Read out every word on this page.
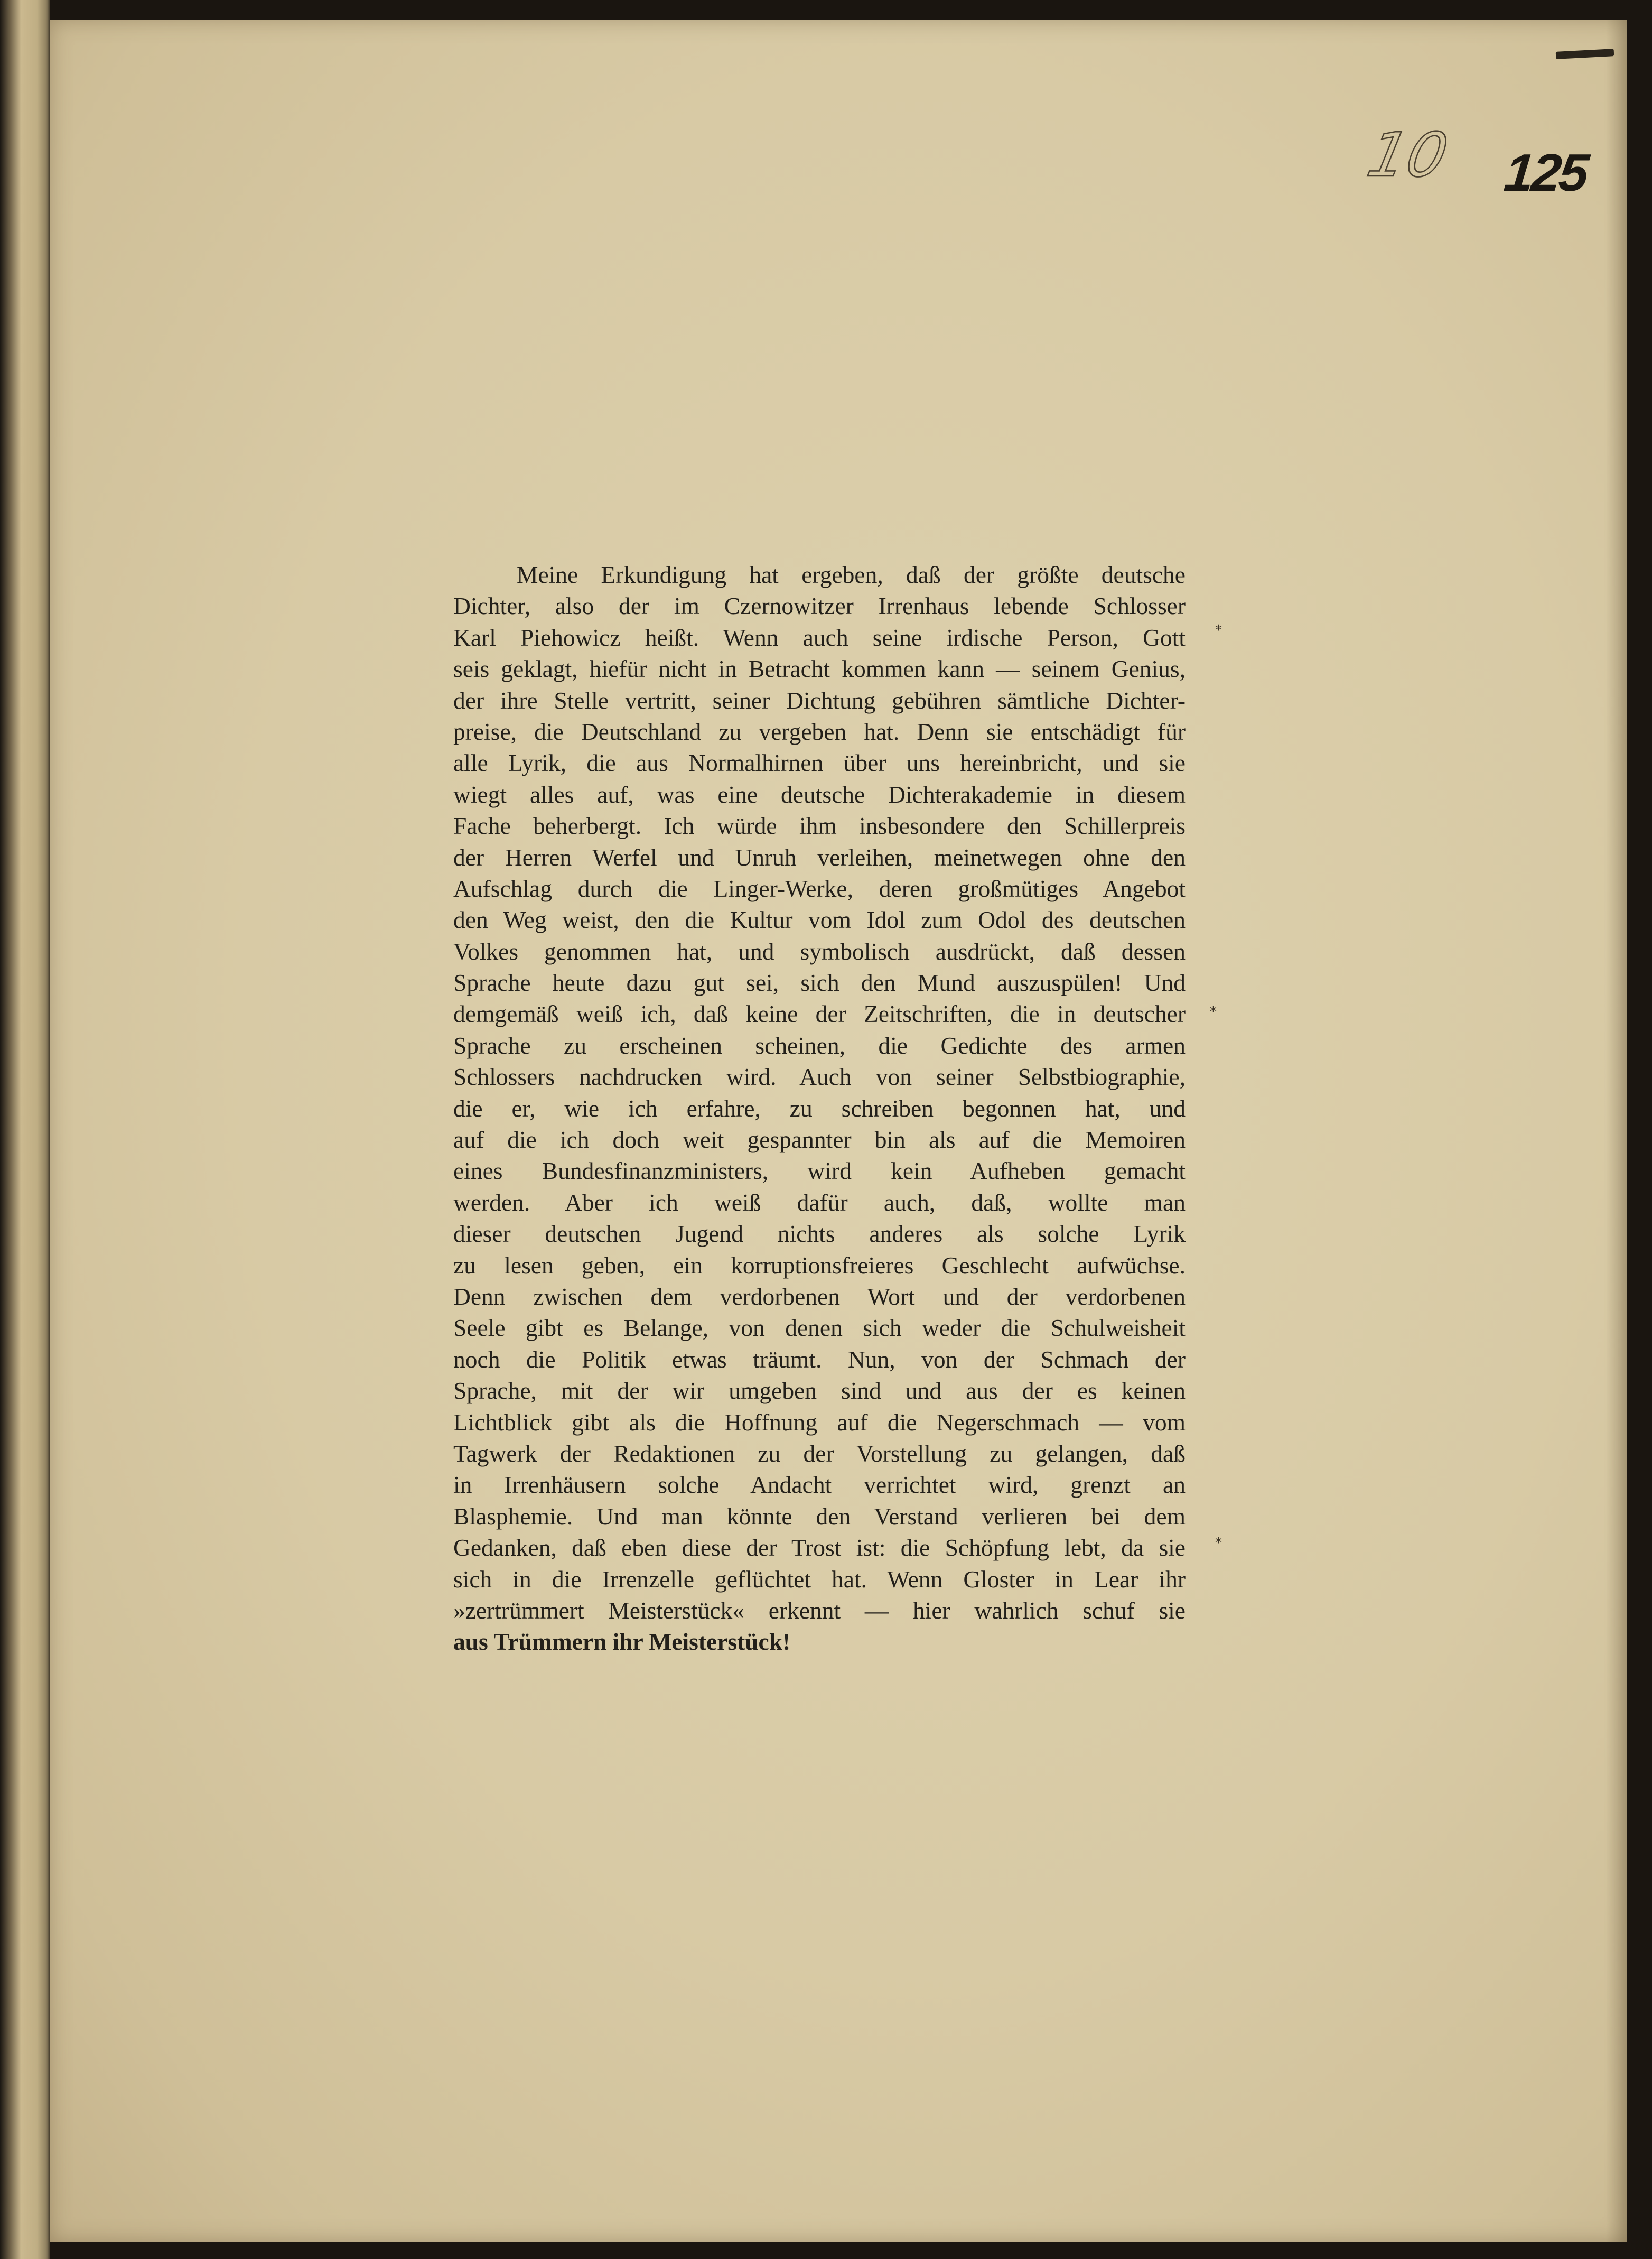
10 125
Meine Erkundigung hat ergeben, daß der größte deutsche
Dichter, also der im Czernowitzer Irrenhaus lebende Schlosser
Karl Piehowicz heißt. Wenn auch seine irdische Person, Gott
seis geklagt, hiefür nicht in Betracht kommen kann — seinem Genius,
der ihre Stelle vertritt, seiner Dichtung gebühren sämtliche Dichter-
preise, die Deutschland zu vergeben hat. Denn sie entschädigt für
alle Lyrik, die aus Normalhirnen über uns hereinbricht, und sie
wiegt alles auf, was eine deutsche Dichterakademie in diesem
Fache beherbergt. Ich würde ihm insbesondere den Schillerpreis
der Herren Werfel und Unruh verleihen, meinetwegen ohne den
Aufschlag durch die Linger-Werke, deren großmütiges Angebot
den Weg weist, den die Kultur vom Idol zum Odol des deutschen
Volkes genommen hat, und symbolisch ausdrückt, daß dessen
Sprache heute dazu gut sei, sich den Mund auszuspülen! Und
demgemäß weiß ich, daß keine der Zeitschriften, die in deutscher
Sprache zu erscheinen scheinen, die Gedichte des armen
Schlossers nachdrucken wird. Auch von seiner Selbstbiographie,
die er, wie ich erfahre, zu schreiben begonnen hat, und
auf die ich doch weit gespannter bin als auf die Memoiren
eines Bundesfinanzministers, wird kein Aufheben gemacht
werden. Aber ich weiß dafür auch, daß, wollte man
dieser deutschen Jugend nichts anderes als solche Lyrik
zu lesen geben, ein korruptionsfreieres Geschlecht aufwüchse.
Denn zwischen dem verdorbenen Wort und der verdorbenen
Seele gibt es Belange, von denen sich weder die Schulweisheit
noch die Politik etwas träumt. Nun, von der Schmach der
Sprache, mit der wir umgeben sind und aus der es keinen
Lichtblick gibt als die Hoffnung auf die Negerschmach — vom
Tagwerk der Redaktionen zu der Vorstellung zu gelangen, daß
in Irrenhäusern solche Andacht verrichtet wird, grenzt an
Blasphemie. Und man könnte den Verstand verlieren bei dem
Gedanken, daß eben diese der Trost ist: die Schöpfung lebt, da sie
sich in die Irrenzelle geflüchtet hat. Wenn Gloster in Lear ihr
»zertrümmert Meisterstück« erkennt — hier wahrlich schuf sie
aus Trümmern ihr Meisterstück!
*
*
*
